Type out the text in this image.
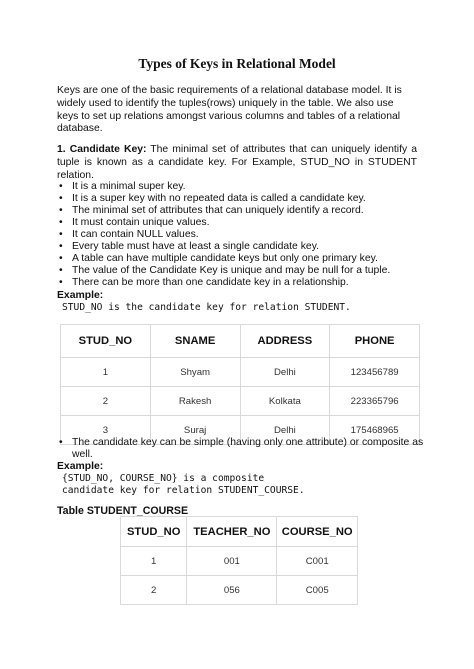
Types of Keys in Relational Model
Keys are one of the basic requirements of a relational database model. It is widely used to identify the tuples(rows) uniquely in the table. We also use keys to set up relations amongst various columns and tables of a relational database.
1. Candidate Key: The minimal set of attributes that can uniquely identify a tuple is known as a candidate key. For Example, STUD_NO in STUDENT relation.
• It is a minimal super key.
• It is a super key with no repeated data is called a candidate key.
• The minimal set of attributes that can uniquely identify a record.
• It must contain unique values.
• It can contain NULL values.
• Every table must have at least a single candidate key.
• A table can have multiple candidate keys but only one primary key.
• The value of the Candidate Key is unique and may be null for a tuple.
• There can be more than one candidate key in a relationship.
Example:
STUD_NO is the candidate key for relation STUDENT.
STUD_NO	SNAME	ADDRESS	PHONE
1	Shyam	Delhi	123456789
2	Rakesh	Kolkata	223365796
3	Suraj	Delhi	175468965
• The candidate key can be simple (having only one attribute) or composite as well.
Example:
{STUD_NO, COURSE_NO} is a composite
candidate key for relation STUDENT_COURSE.
Table STUDENT_COURSE
STUD_NO	TEACHER_NO	COURSE_NO
1	001	C001
2	056	C005
